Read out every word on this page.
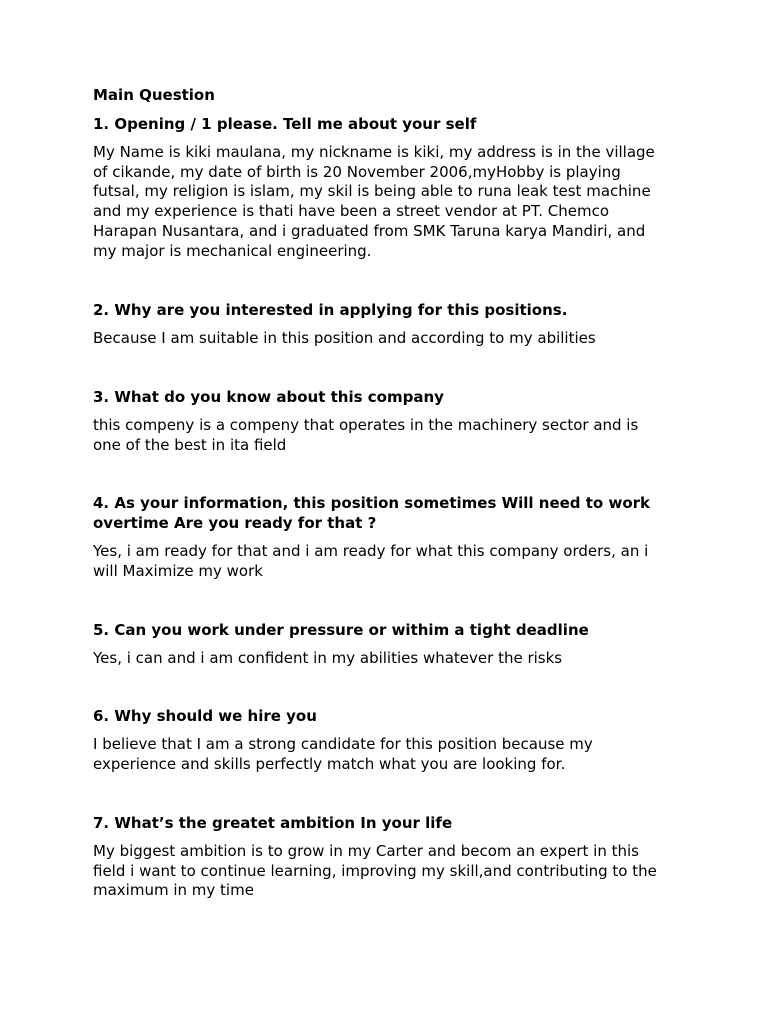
Main Question
1. Opening / 1 please. Tell me about your self
My Name is kiki maulana, my nickname is kiki, my address is in the village
of cikande, my date of birth is 20 November 2006,myHobby is playing
futsal, my religion is islam, my skil is being able to runa leak test machine
and my experience is thati have been a street vendor at PT. Chemco
Harapan Nusantara, and i graduated from SMK Taruna karya Mandiri, and
my major is mechanical engineering.
2. Why are you interested in applying for this positions.
Because I am suitable in this position and according to my abilities
3. What do you know about this company
this compeny is a compeny that operates in the machinery sector and is
one of the best in ita field
4. As your information, this position sometimes Will need to work
overtime Are you ready for that ?
Yes, i am ready for that and i am ready for what this company orders, an i
will Maximize my work
5. Can you work under pressure or withim a tight deadline
Yes, i can and i am confident in my abilities whatever the risks
6. Why should we hire you
I believe that I am a strong candidate for this position because my
experience and skills perfectly match what you are looking for.
7. What’s the greatet ambition In your life
My biggest ambition is to grow in my Carter and becom an expert in this
field i want to continue learning, improving my skill,and contributing to the
maximum in my time
